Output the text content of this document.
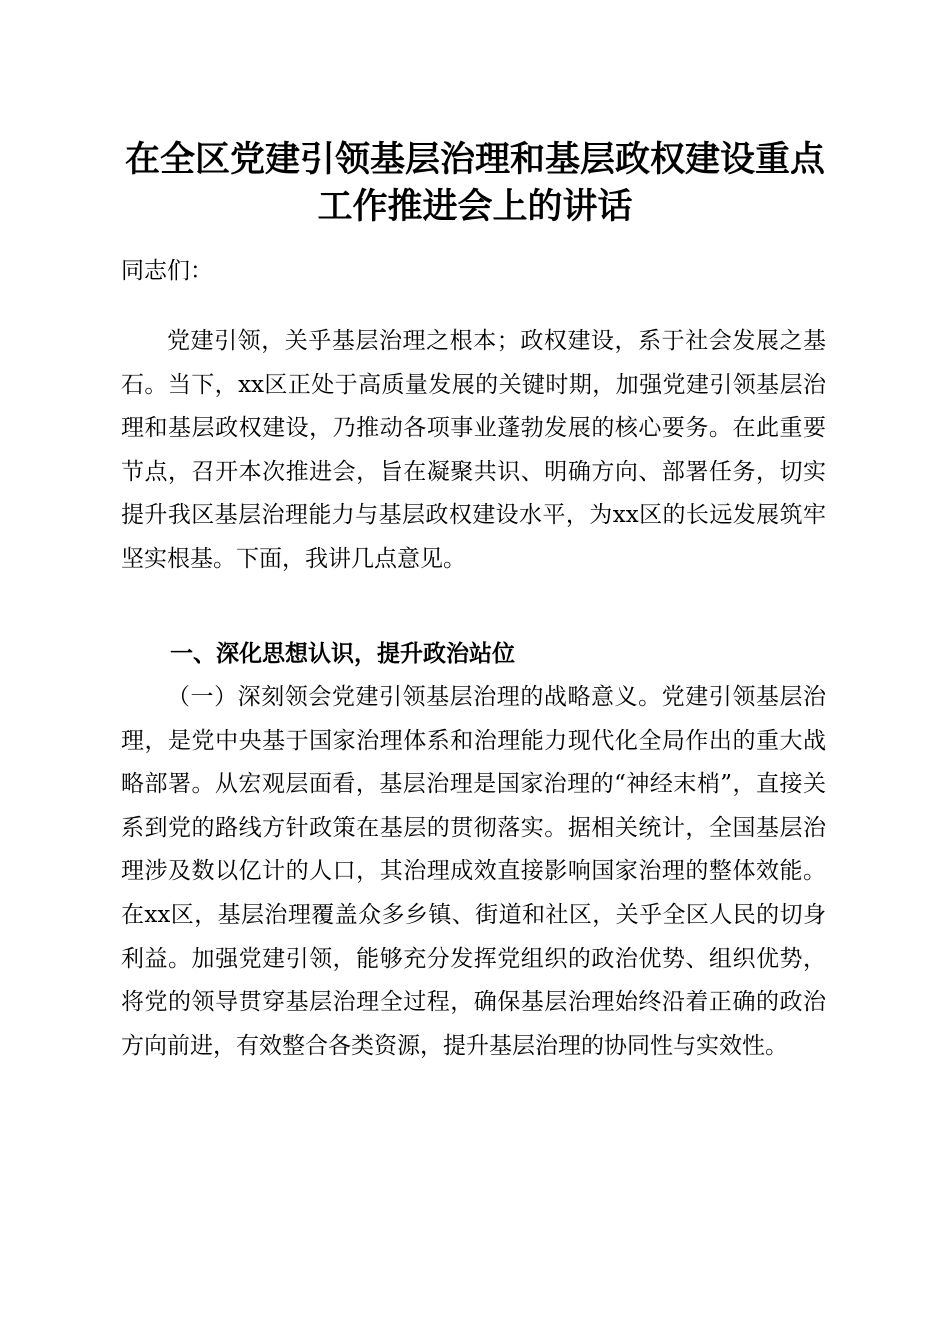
在全区党建引领基层治理和基层政权建设重点
工作推进会上的讲话

同志们：

党建引领，关乎基层治理之根本；政权建设，系于社会发展之基石。当下，xx区正处于高质量发展的关键时期，加强党建引领基层治理和基层政权建设，乃推动各项事业蓬勃发展的核心要务。在此重要节点，召开本次推进会，旨在凝聚共识、明确方向、部署任务，切实提升我区基层治理能力与基层政权建设水平，为xx区的长远发展筑牢坚实根基。下面，我讲几点意见。

一、深化思想认识，提升政治站位

（一）深刻领会党建引领基层治理的战略意义。党建引领基层治理，是党中央基于国家治理体系和治理能力现代化全局作出的重大战略部署。从宏观层面看，基层治理是国家治理的“神经末梢”，直接关系到党的路线方针政策在基层的贯彻落实。据相关统计，全国基层治理涉及数以亿计的人口，其治理成效直接影响国家治理的整体效能。在xx区，基层治理覆盖众多乡镇、街道和社区，关乎全区人民的切身利益。加强党建引领，能够充分发挥党组织的政治优势、组织优势，将党的领导贯穿基层治理全过程，确保基层治理始终沿着正确的政治方向前进，有效整合各类资源，提升基层治理的协同性与实效性。
